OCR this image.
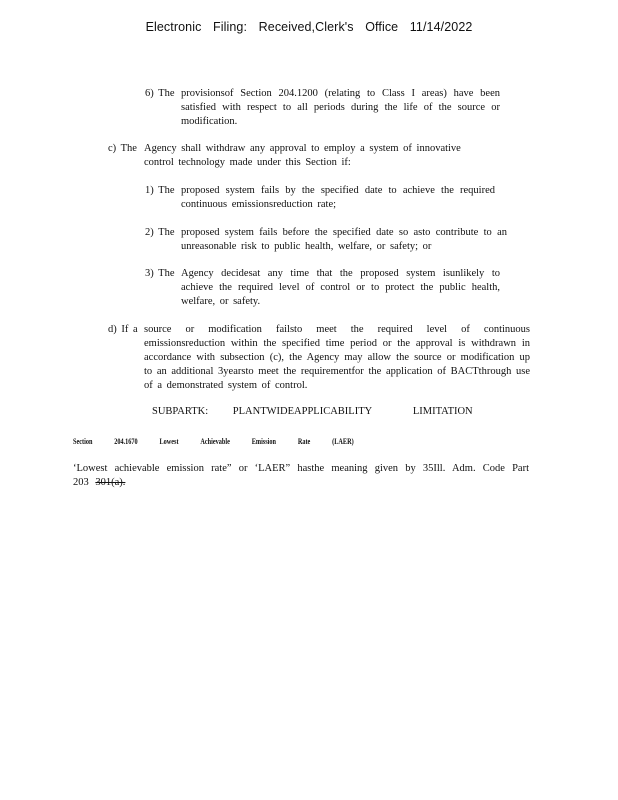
Electronic Filing: Received,Clerk's Office 11/14/2022
6) The provisionsof Section 204.1200 (relating to Class I areas) have been satisfied with respect to all periods during the life of the source or modification.

c) The Agency shall withdraw any approval to employ a system of innovative control technology made under this Section if:

1) The proposed system fails by the specified date to achieve the required continuous emissionsreduction rate;

2) The proposed system fails before the specified date so asto contribute to an unreasonable risk to public health, welfare, or safety; or

3) The Agency decidesat any time that the proposed system isunlikely to achieve the required level of control or to protect the public health, welfare, or safety.

d) If a source or modification failsto meet the required level of continuous emissionsreduction within the specified time period or the approval is withdrawn in accordance with subsection (c), the Agency may allow the source or modification up to an additional 3yearsto meet the requirementfor the application of BACTthrough use of a demonstrated system of control.

SUBPARTK: PLANTWIDEAPPLICABILITY	LIMITATION
Section	204.1670	Lowest	Achievable	Emission	Rate	(LAER)
‘Lowest achievable emission rate” or ‘LAER” hasthe meaning given by 35Ill. Adm. Code Part 203 301(a).
